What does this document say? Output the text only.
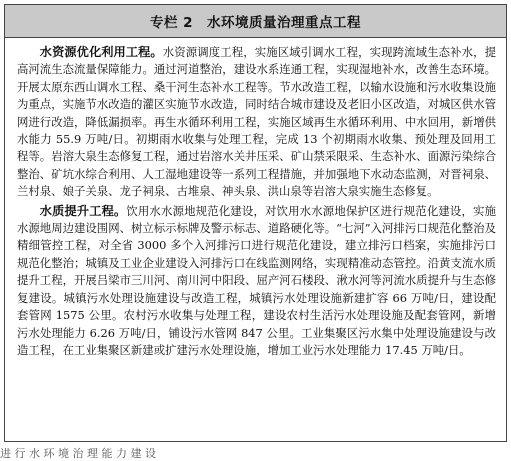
专栏 2 水环境质量治理重点工程

水资源优化利用工程。水资源调度工程，实施区域引调水工程，实现跨流域生态补水，提高河流生态流量保障能力。通过河道整治，建设水系连通工程，实现湿地补水，改善生态环境。开展太原东西山调水工程、桑干河生态补水工程等。节水改造工程，以输水设施和污水收集设施为重点，实施节水改造的灌区实施节水改造，同时结合城市建设及老旧小区改造，对城区供水管网进行改造，降低漏损率。再生水循环利用工程，实施区域再生水循环利用、中水回用，新增供水能力 55.9 万吨/日。初期雨水收集与处理工程，完成 13 个初期雨水收集、预处理及回用工程等。岩溶大泉生态修复工程，通过岩溶水关井压采、矿山禁采限采、生态补水、面源污染综合整治、矿坑水综合利用、人工湿地建设等一系列工程措施，并加强地下水动态监测，对晋祠泉、兰村泉、娘子关泉、龙子祠泉、古堆泉、神头泉、洪山泉等岩溶大泉实施生态修复。

水质提升工程。饮用水水源地规范化建设，对饮用水水源地保护区进行规范化建设，实施水源地周边建设围网、树立标示标牌及警示标志、道路硬化等。“七河”入河排污口规范化整治及精细管控工程，对全省 3000 多个入河排污口进行规范化建设，建立排污口档案，实施排污口规范化整治；城镇及工业企业建设入河排污口在线监测网络，实现精准动态管控。沿黄支流水质提升工程，开展吕梁市三川河、南川河中阳段、屈产河石楼段、湫水河等河流水质提升与生态修复建设。城镇污水处理设施建设与改造工程，城镇污水处理设施新建扩容 66 万吨/日，建设配套管网 1575 公里。农村污水收集与处理工程，建设农村生活污水处理设施及配套管网，新增污水处理能力 6.26 万吨/日，铺设污水管网 847 公里。工业集聚区污水集中处理设施建设与改造工程，在工业集聚区新建或扩建污水处理设施，增加工业污水处理能力 17.45 万吨/日。

进 行 水 环 境 治 理 能 力 建 设
